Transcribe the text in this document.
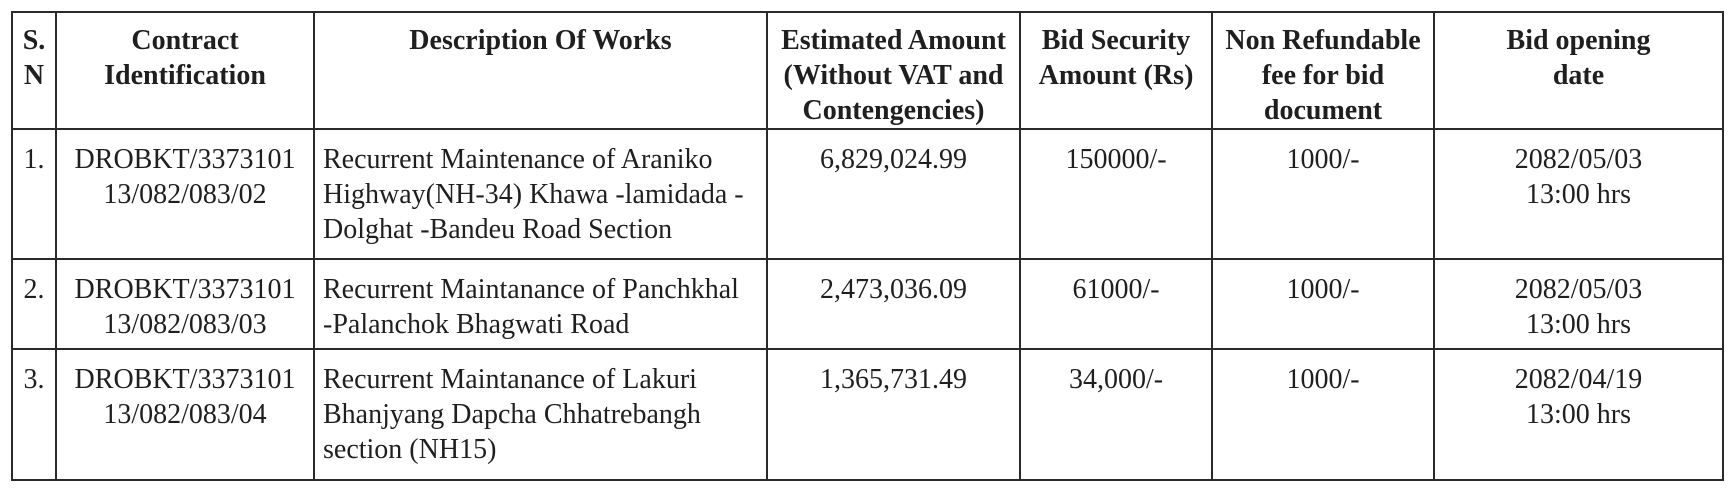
S.
N	Contract
Identification	Description Of Works	Estimated Amount
(Without VAT and
Contengencies)	Bid Security
Amount (Rs)	Non Refundable
fee for bid
document	Bid opening
date

1.	DROBKT/3373101
13/082/083/02	Recurrent Maintenance of Araniko
Highway(NH-34) Khawa -lamidada -
Dolghat -Bandeu Road Section	6,829,024.99	150000/-	1000/-	2082/05/03
13:00 hrs

2.	DROBKT/3373101
13/082/083/03	Recurrent Maintanance of Panchkhal
-Palanchok Bhagwati Road	2,473,036.09	61000/-	1000/-	2082/05/03
13:00 hrs

3.	DROBKT/3373101
13/082/083/04	Recurrent Maintanance of Lakuri
Bhanjyang Dapcha Chhatrebangh
section (NH15)	1,365,731.49	34,000/-	1000/-	2082/04/19
13:00 hrs
